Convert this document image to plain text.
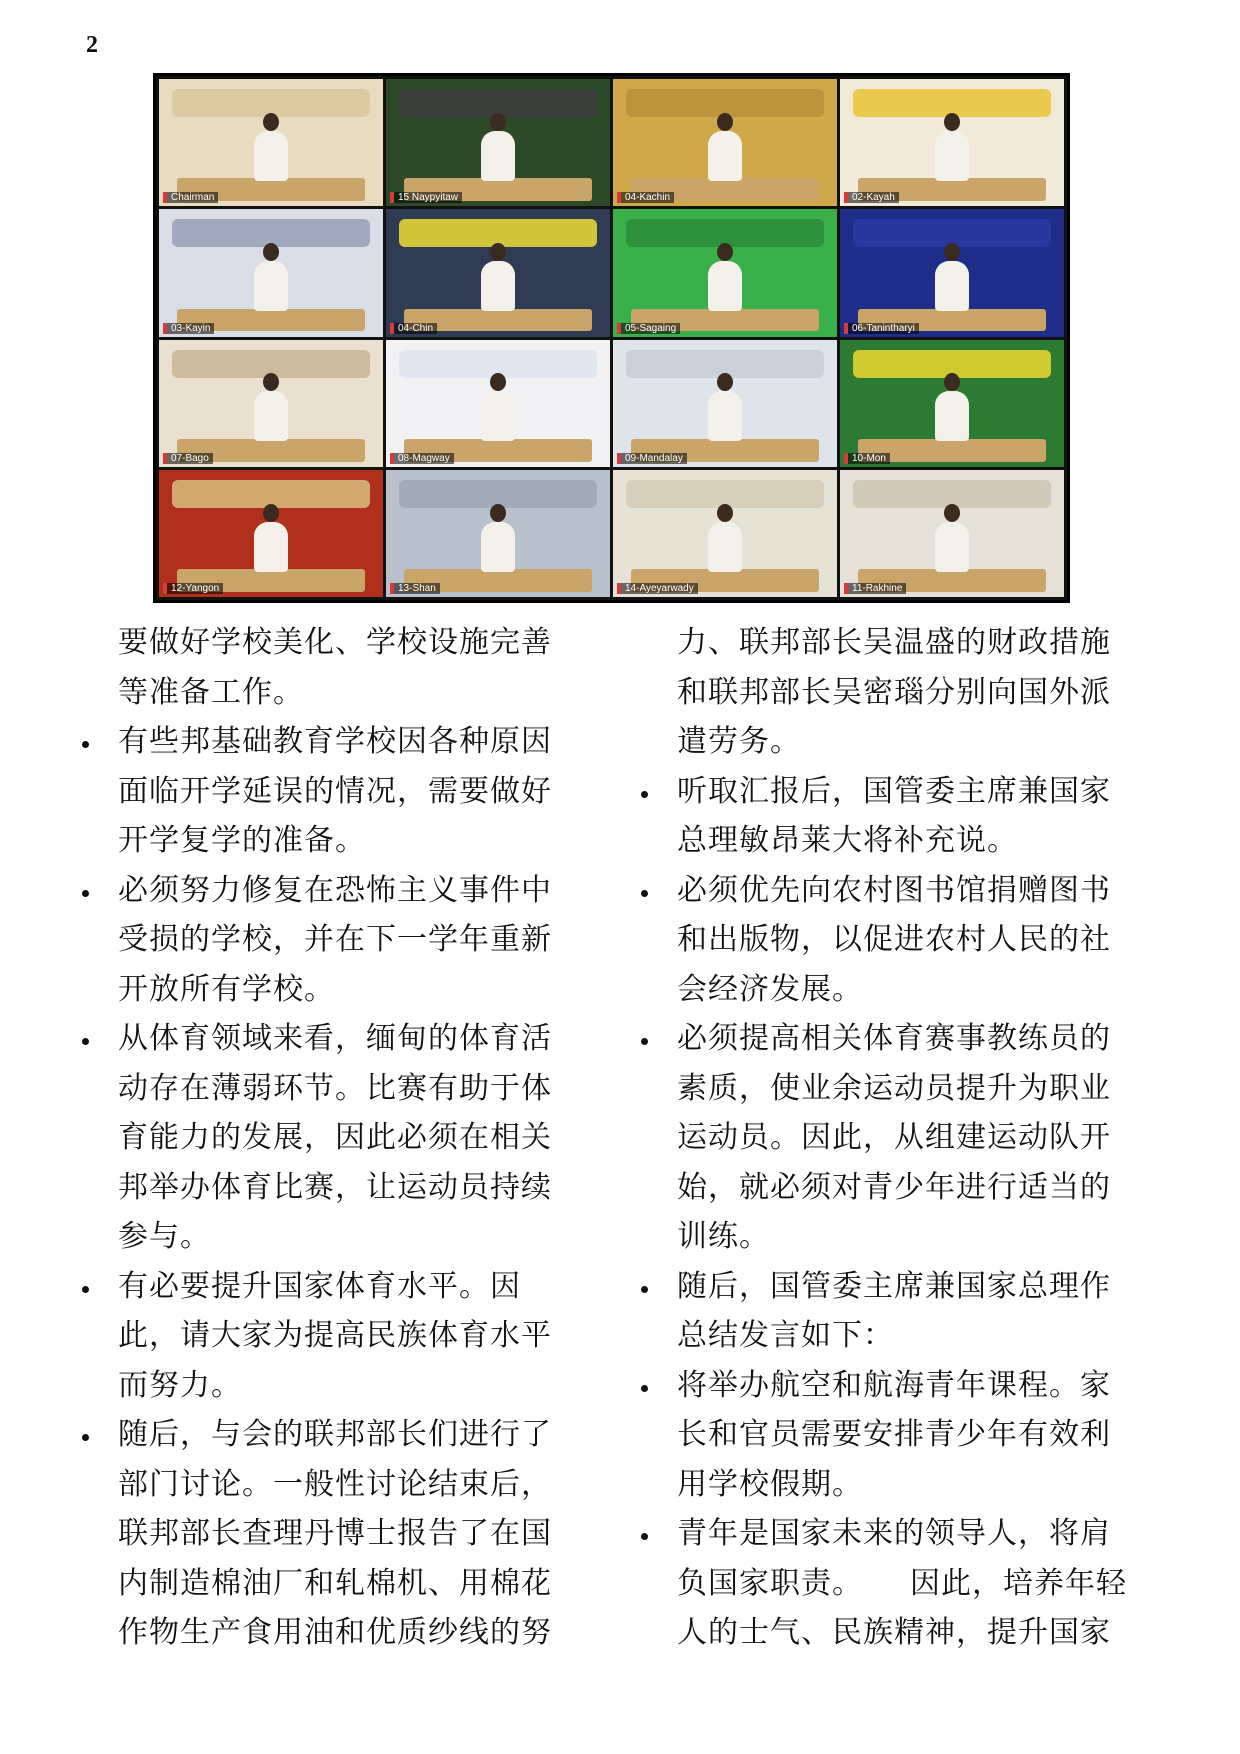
2
Chairman	15 Naypyitaw	04-Kachin	02-Kayah
03-Kayin	04-Chin	05-Sagaing	06-Tanintharyi
07-Bago	08-Magway	09-Mandalay	10-Mon
12-Yangon	13-Shan	14-Ayeyarwady	11-Rakhine
要做好学校美化、学校设施完善
等准备工作。
有些邦基础教育学校因各种原因
面临开学延误的情况，需要做好
开学复学的准备。
必须努力修复在恐怖主义事件中
受损的学校，并在下一学年重新
开放所有学校。
从体育领域来看，缅甸的体育活
动存在薄弱环节。比赛有助于体
育能力的发展，因此必须在相关
邦举办体育比赛，让运动员持续
参与。
有必要提升国家体育水平。因
此，请大家为提高民族体育水平
而努力。
随后，与会的联邦部长们进行了
部门讨论。一般性讨论结束后，
联邦部长查理丹博士报告了在国
内制造棉油厂和轧棉机、用棉花
作物生产食用油和优质纱线的努
力、联邦部长吴温盛的财政措施
和联邦部长吴密瑙分别向国外派
遣劳务。
听取汇报后，国管委主席兼国家
总理敏昂莱大将补充说。
必须优先向农村图书馆捐赠图书
和出版物，以促进农村人民的社
会经济发展。
必须提高相关体育赛事教练员的
素质，使业余运动员提升为职业
运动员。因此，从组建运动队开
始，就必须对青少年进行适当的
训练。
随后，国管委主席兼国家总理作
总结发言如下：
将举办航空和航海青年课程。家
长和官员需要安排青少年有效利
用学校假期。
青年是国家未来的领导人，将肩
负国家职责。　　因此，培养年轻
人的士气、民族精神，提升国家
